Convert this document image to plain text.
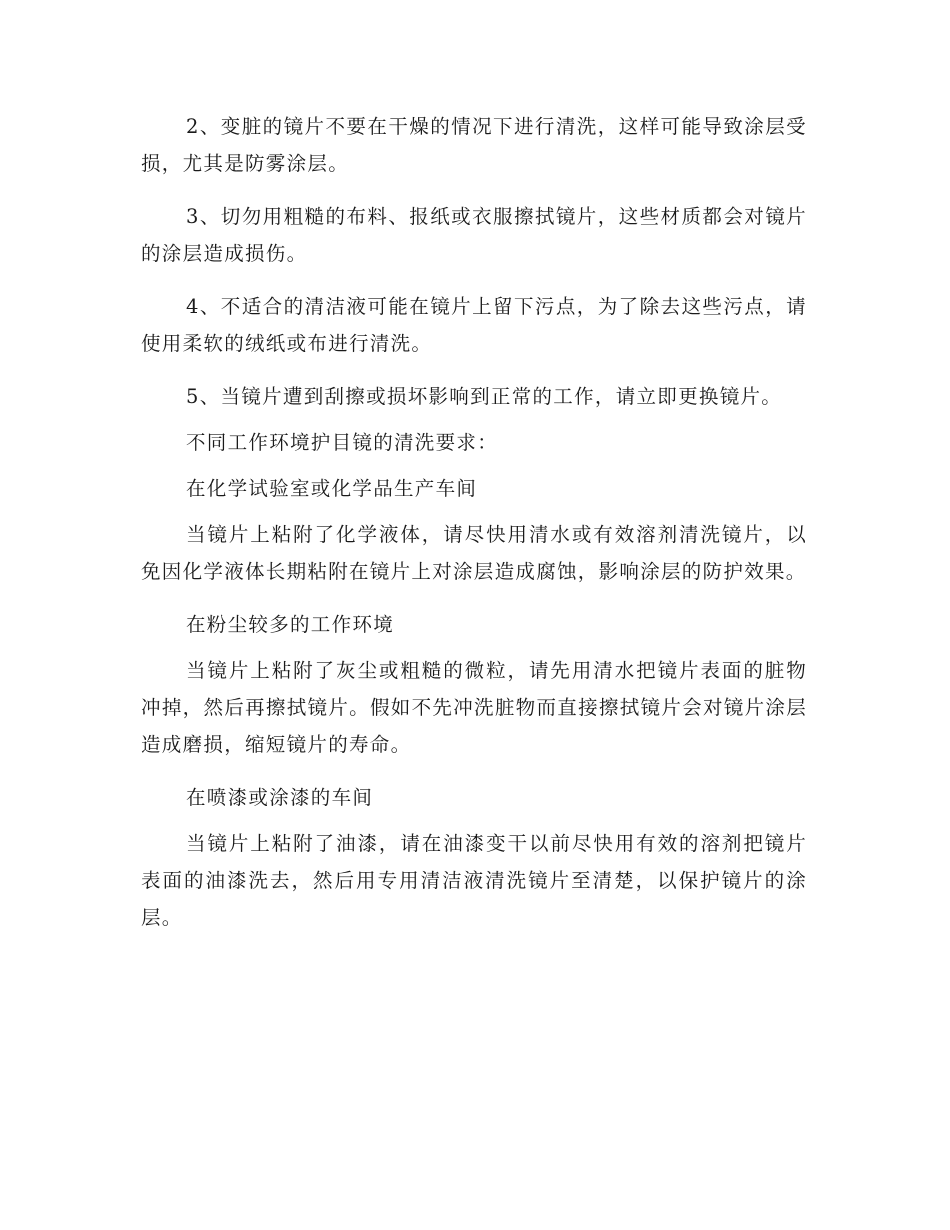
2、变脏的镜片不要在干燥的情况下进行清洗，这样可能导致涂层受损，尤其是防雾涂层。

3、切勿用粗糙的布料、报纸或衣服擦拭镜片，这些材质都会对镜片的涂层造成损伤。

4、不适合的清洁液可能在镜片上留下污点，为了除去这些污点，请使用柔软的绒纸或布进行清洗。

5、当镜片遭到刮擦或损坏影响到正常的工作，请立即更换镜片。

不同工作环境护目镜的清洗要求：

在化学试验室或化学品生产车间

当镜片上粘附了化学液体，请尽快用清水或有效溶剂清洗镜片，以免因化学液体长期粘附在镜片上对涂层造成腐蚀，影响涂层的防护效果。

在粉尘较多的工作环境

当镜片上粘附了灰尘或粗糙的微粒，请先用清水把镜片表面的脏物冲掉，然后再擦拭镜片。假如不先冲洗脏物而直接擦拭镜片会对镜片涂层造成磨损，缩短镜片的寿命。

在喷漆或涂漆的车间

当镜片上粘附了油漆，请在油漆变干以前尽快用有效的溶剂把镜片表面的油漆洗去，然后用专用清洁液清洗镜片至清楚，以保护镜片的涂层。
